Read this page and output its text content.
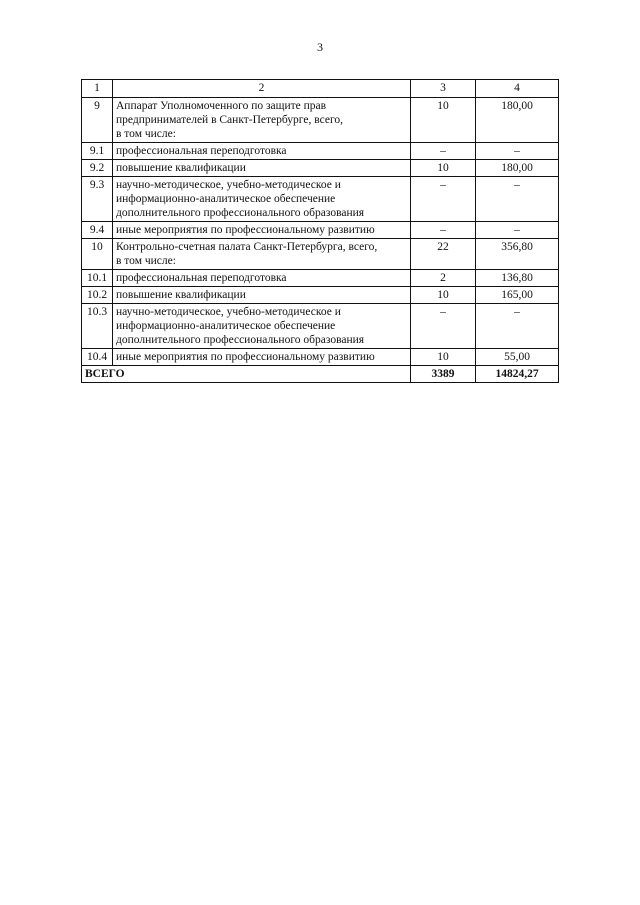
3
1	2	3	4
9	Аппарат Уполномоченного по защите прав
предпринимателей в Санкт-Петербурге, всего,
в том числе:	10	180,00
9.1	профессиональная переподготовка	–	–
9.2	повышение квалификации	10	180,00
9.3	научно-методическое, учебно-методическое и
информационно-аналитическое обеспечение
дополнительного профессионального образования	–	–
9.4	иные мероприятия по профессиональному развитию	–	–
10	Контрольно-счетная палата Санкт-Петербурга, всего,
в том числе:	22	356,80
10.1	профессиональная переподготовка	2	136,80
10.2	повышение квалификации	10	165,00
10.3	научно-методическое, учебно-методическое и
информационно-аналитическое обеспечение
дополнительного профессионального образования	–	–
10.4	иные мероприятия по профессиональному развитию	10	55,00
ВСЕГО		3389	14824,27
